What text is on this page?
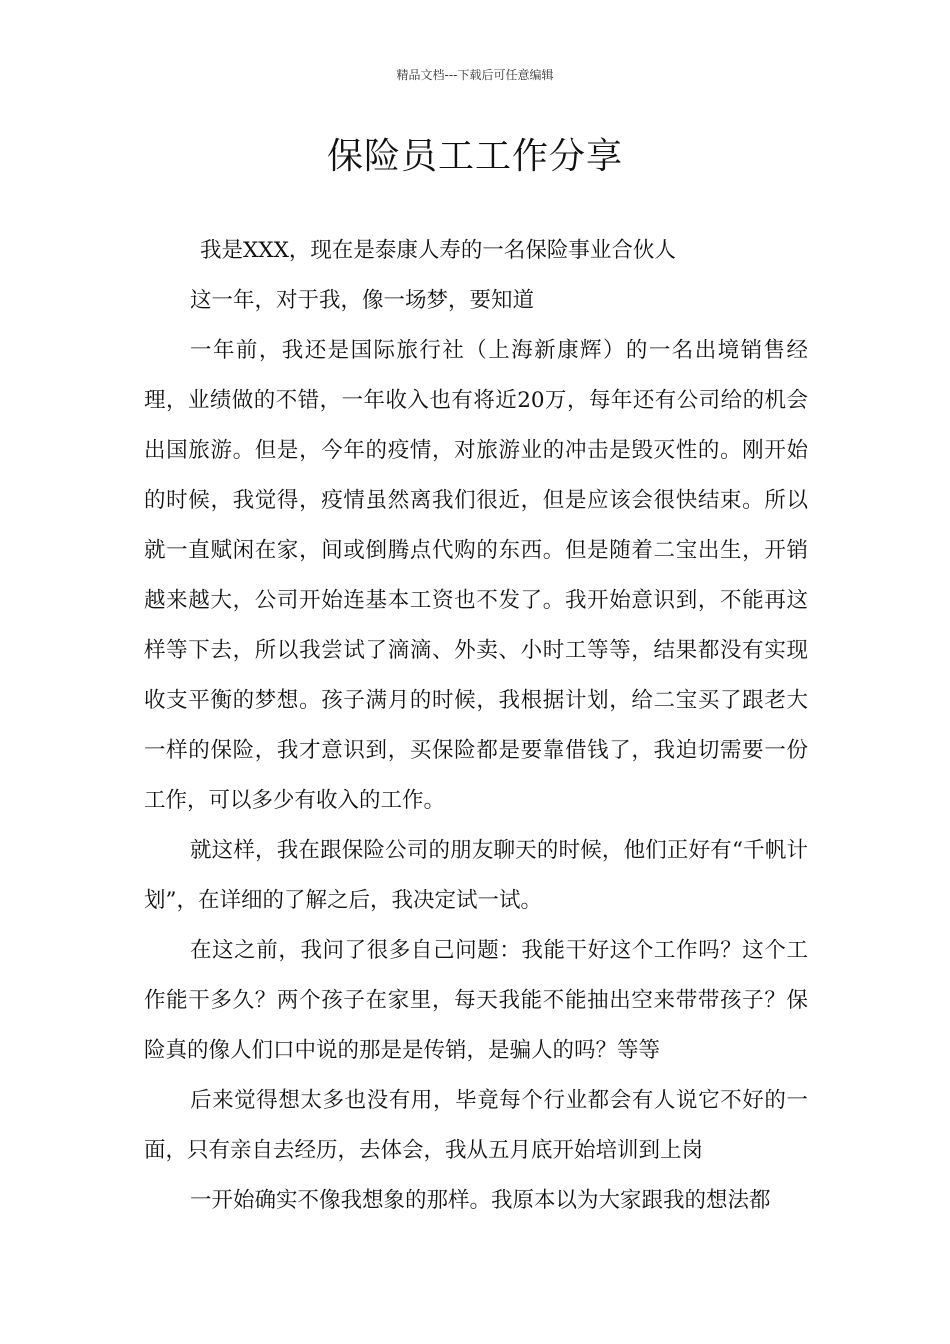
精品文档---下载后可任意编辑
保险员工工作分享

我是XXX，现在是泰康人寿的一名保险事业合伙人

这一年，对于我，像一场梦，要知道

一年前，我还是国际旅行社（上海新康辉）的一名出境销售经理，业绩做的不错，一年收入也有将近20万，每年还有公司给的机会出国旅游。但是，今年的疫情，对旅游业的冲击是毁灭性的。刚开始的时候，我觉得，疫情虽然离我们很近，但是应该会很快结束。所以就一直赋闲在家，间或倒腾点代购的东西。但是随着二宝出生，开销越来越大，公司开始连基本工资也不发了。我开始意识到，不能再这样等下去，所以我尝试了滴滴、外卖、小时工等等，结果都没有实现收支平衡的梦想。孩子满月的时候，我根据计划，给二宝买了跟老大一样的保险，我才意识到，买保险都是要靠借钱了，我迫切需要一份工作，可以多少有收入的工作。

就这样，我在跟保险公司的朋友聊天的时候，他们正好有“千帆计划”，在详细的了解之后，我决定试一试。

在这之前，我问了很多自己问题：我能干好这个工作吗？这个工作能干多久？两个孩子在家里，每天我能不能抽出空来带带孩子？保险真的像人们口中说的那是是传销，是骗人的吗？等等

后来觉得想太多也没有用，毕竟每个行业都会有人说它不好的一面，只有亲自去经历，去体会，我从五月底开始培训到上岗

一开始确实不像我想象的那样。我原本以为大家跟我的想法都
